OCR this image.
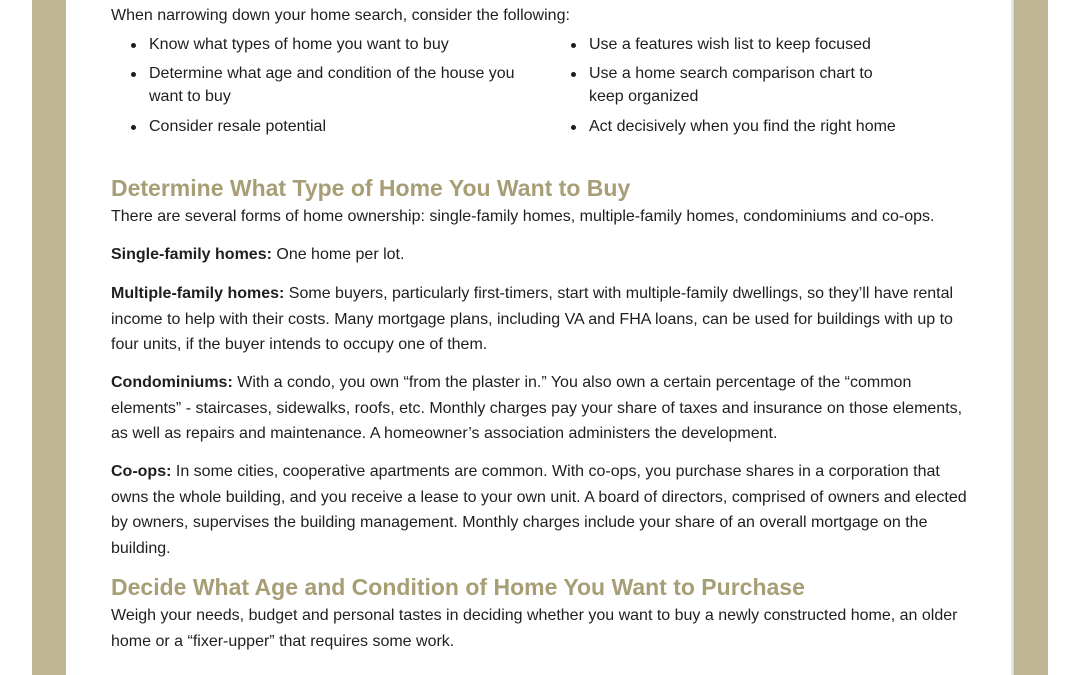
When narrowing down your home search, consider the following:
Know what types of home you want to buy
Determine what age and condition of the house you want to buy
Consider resale potential
Use a features wish list to keep focused
Use a home search comparison chart to keep organized
Act decisively when you find the right home
Determine What Type of Home You Want to Buy
There are several forms of home ownership: single-family homes, multiple-family homes, condominiums and co-ops.
Single-family homes: One home per lot.
Multiple-family homes: Some buyers, particularly first-timers, start with multiple-family dwellings, so they’ll have rental income to help with their costs. Many mortgage plans, including VA and FHA loans, can be used for buildings with up to four units, if the buyer intends to occupy one of them.
Condominiums: With a condo, you own “from the plaster in.” You also own a certain percentage of the “common elements” - staircases, sidewalks, roofs, etc. Monthly charges pay your share of taxes and insurance on those elements, as well as repairs and maintenance. A homeowner’s association administers the development.
Co-ops: In some cities, cooperative apartments are common. With co-ops, you purchase shares in a corporation that owns the whole building, and you receive a lease to your own unit. A board of directors, comprised of owners and elected by owners, supervises the building management. Monthly charges include your share of an overall mortgage on the building.
Decide What Age and Condition of Home You Want to Purchase
Weigh your needs, budget and personal tastes in deciding whether you want to buy a newly constructed home, an older home or a “fixer-upper” that requires some work.
